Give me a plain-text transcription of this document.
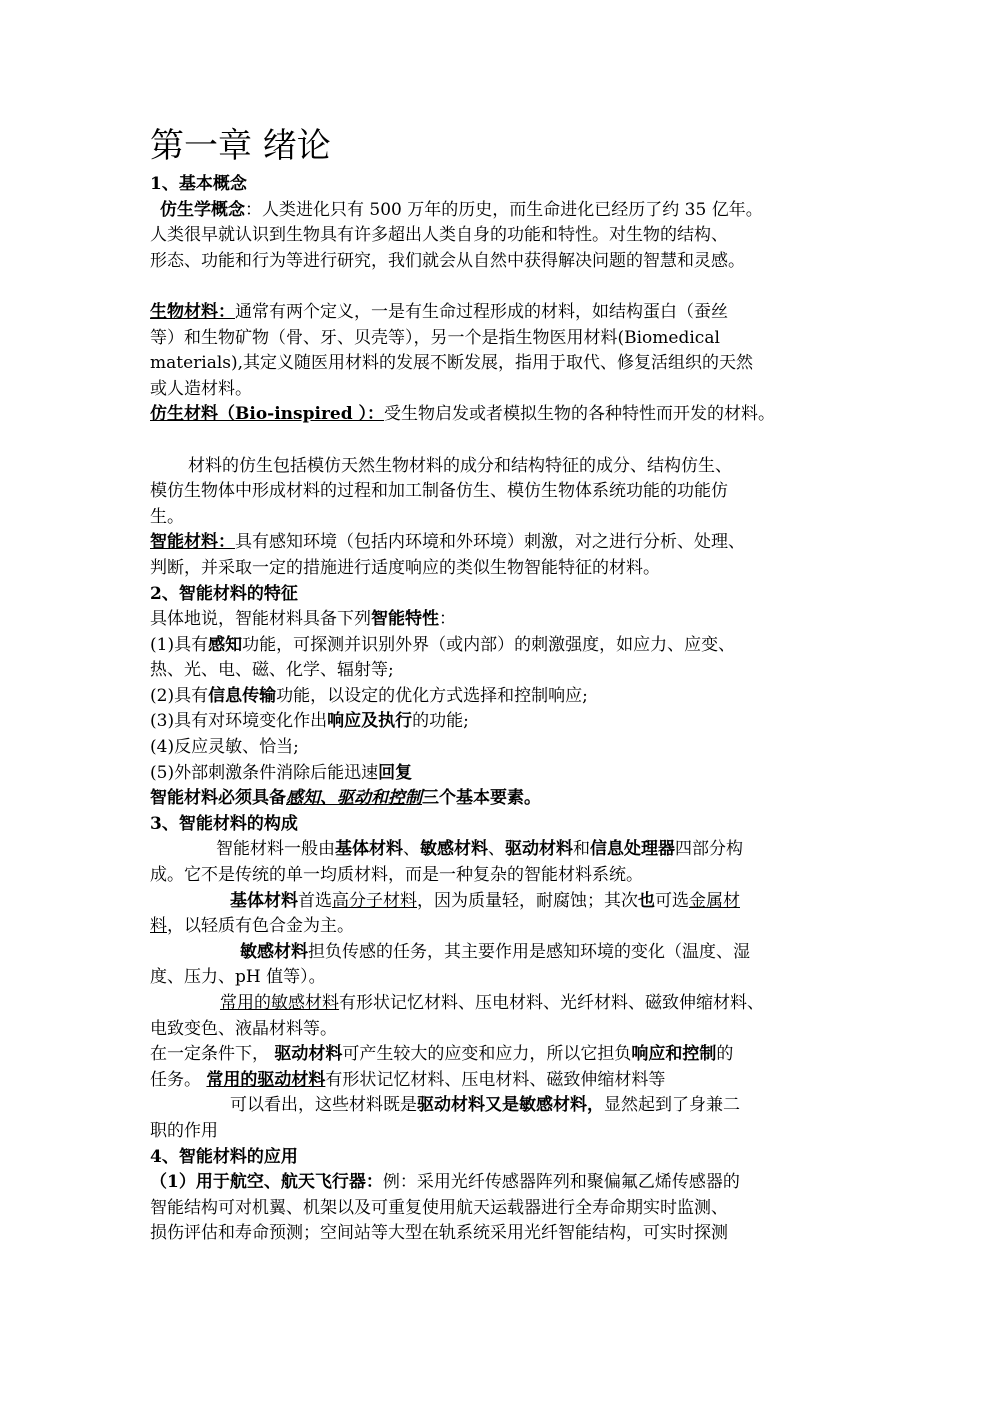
第一章 绪论

1、基本概念

仿生学概念：人类进化只有 500 万年的历史，而生命进化已经历了约 35 亿年。

人类很早就认识到生物具有许多超出人类自身的功能和特性。对生物的结构、

形态、功能和行为等进行研究，我们就会从自然中获得解决问题的智慧和灵感。

生物材料：通常有两个定义，一是有生命过程形成的材料，如结构蛋白（蚕丝

等）和生物矿物（骨、牙、贝壳等），另一个是指生物医用材料(Biomedical

materials),其定义随医用材料的发展不断发展，指用于取代、修复活组织的天然

或人造材料。

仿生材料（Bio-inspired ）：受生物启发或者模拟生物的各种特性而开发的材料。

材料的仿生包括模仿天然生物材料的成分和结构特征的成分、结构仿生、

模仿生物体中形成材料的过程和加工制备仿生、模仿生物体系统功能的功能仿

生。

智能材料：具有感知环境（包括内环境和外环境）刺激，对之进行分析、处理、

判断，并采取一定的措施进行适度响应的类似生物智能特征的材料。

2、智能材料的特征

具体地说，智能材料具备下列智能特性：

(1)具有感知功能，可探测并识别外界（或内部）的刺激强度，如应力、应变、

热、光、电、磁、化学、辐射等;

(2)具有信息传输功能，以设定的优化方式选择和控制响应;

(3)具有对环境变化作出响应及执行的功能;

(4)反应灵敏、恰当;

(5)外部刺激条件消除后能迅速回复

智能材料必须具备感知、驱动和控制三个基本要素。

3、智能材料的构成

智能材料一般由基体材料、敏感材料、驱动材料和信息处理器四部分构

成。它不是传统的单一均质材料，而是一种复杂的智能材料系统。

基体材料首选高分子材料，因为质量轻，耐腐蚀；其次也可选金属材

料，以轻质有色合金为主。

敏感材料担负传感的任务，其主要作用是感知环境的变化（温度、湿

度、压力、pH 值等）。

常用的敏感材料有形状记忆材料、压电材料、光纤材料、磁致伸缩材料、

电致变色、液晶材料等。

在一定条件下， 驱动材料可产生较大的应变和应力，所以它担负响应和控制的

任务。 常用的驱动材料有形状记忆材料、压电材料、磁致伸缩材料等

可以看出，这些材料既是驱动材料又是敏感材料，显然起到了身兼二

职的作用

4、智能材料的应用

（1）用于航空、航天飞行器：例：采用光纤传感器阵列和聚偏氟乙烯传感器的

智能结构可对机翼、机架以及可重复使用航天运载器进行全寿命期实时监测、

损伤评估和寿命预测；空间站等大型在轨系统采用光纤智能结构，可实时探测
